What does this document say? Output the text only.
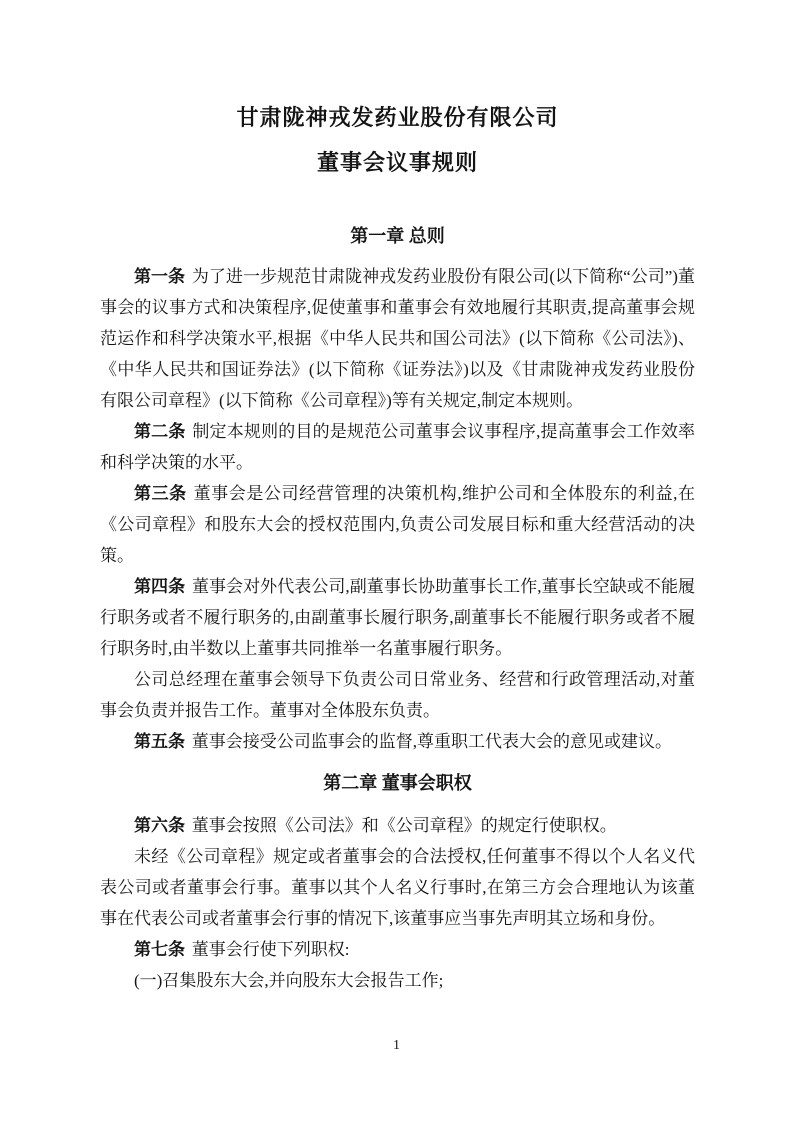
甘肃陇神戎发药业股份有限公司
董事会议事规则
第一章 总则

第一条 为了进一步规范甘肃陇神戎发药业股份有限公司(以下简称“公司”)董事会的议事方式和决策程序,促使董事和董事会有效地履行其职责,提高董事会规范运作和科学决策水平,根据《中华人民共和国公司法》(以下简称《公司法》)、《中华人民共和国证券法》(以下简称《证券法》)以及《甘肃陇神戎发药业股份有限公司章程》(以下简称《公司章程》)等有关规定,制定本规则。

第二条 制定本规则的目的是规范公司董事会议事程序,提高董事会工作效率和科学决策的水平。

第三条 董事会是公司经营管理的决策机构,维护公司和全体股东的利益,在《公司章程》和股东大会的授权范围内,负责公司发展目标和重大经营活动的决策。

第四条 董事会对外代表公司,副董事长协助董事长工作,董事长空缺或不能履行职务或者不履行职务的,由副董事长履行职务,副董事长不能履行职务或者不履行职务时,由半数以上董事共同推举一名董事履行职务。

公司总经理在董事会领导下负责公司日常业务、经营和行政管理活动,对董事会负责并报告工作。董事对全体股东负责。

第五条 董事会接受公司监事会的监督,尊重职工代表大会的意见或建议。

第二章 董事会职权

第六条 董事会按照《公司法》和《公司章程》的规定行使职权。

未经《公司章程》规定或者董事会的合法授权,任何董事不得以个人名义代表公司或者董事会行事。董事以其个人名义行事时,在第三方会合理地认为该董事在代表公司或者董事会行事的情况下,该董事应当事先声明其立场和身份。

第七条 董事会行使下列职权:

(一)召集股东大会,并向股东大会报告工作;

1
